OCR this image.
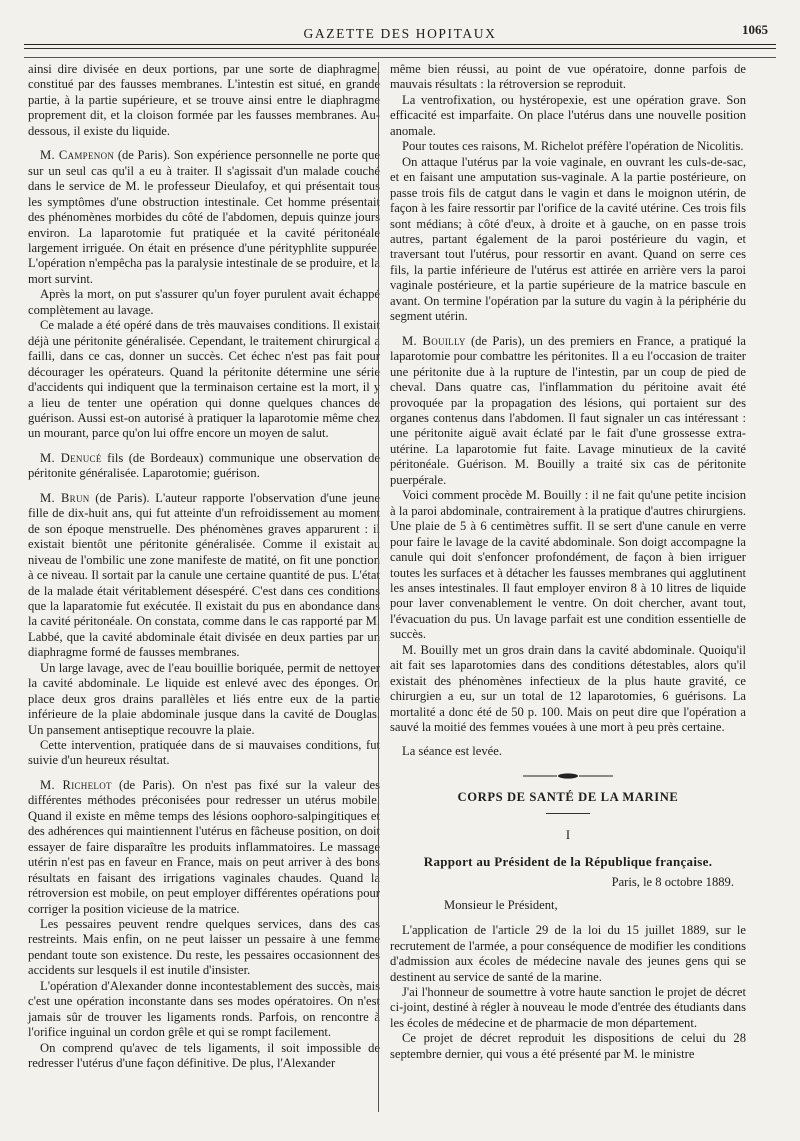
GAZETTE DES HOPITAUX	1065

ainsi dire divisée en deux portions, par une sorte de diaphragme, constitué par des fausses membranes. L'intestin est situé, en grande partie, à la partie supérieure, et se trouve ainsi entre le diaphragme proprement dit, et la cloison formée par les fausses membranes. Au-dessous, il existe du liquide.

M. Campenon (de Paris). Son expérience personnelle ne porte que sur un seul cas qu'il a eu à traiter. Il s'agissait d'un malade couché dans le service de M. le professeur Dieulafoy, et qui présentait tous les symptômes d'une obstruction intestinale. Cet homme présentait des phénomènes morbides du côté de l'abdomen, depuis quinze jours environ. La laparotomie fut pratiquée et la cavité péritonéale largement irriguée. On était en présence d'une pérityphlite suppurée. L'opération n'empêcha pas la paralysie intestinale de se produire, et la mort survint.

Après la mort, on put s'assurer qu'un foyer purulent avait échappé complètement au lavage.

Ce malade a été opéré dans de très mauvaises conditions. Il existait déjà une péritonite généralisée. Cependant, le traitement chirurgical a failli, dans ce cas, donner un succès. Cet échec n'est pas fait pour décourager les opérateurs. Quand la péritonite détermine une série d'accidents qui indiquent que la terminaison certaine est la mort, il y a lieu de tenter une opération qui donne quelques chances de guérison. Aussi est-on autorisé à pratiquer la laparotomie même chez un mourant, parce qu'on lui offre encore un moyen de salut.

M. Denucé fils (de Bordeaux) communique une observation de péritonite généralisée. Laparotomie; guérison.

M. Brun (de Paris). L'auteur rapporte l'observation d'une jeune fille de dix-huit ans, qui fut atteinte d'un refroidissement au moment de son époque menstruelle. Des phénomènes graves apparurent : il existait bientôt une péritonite généralisée. Comme il existait au niveau de l'ombilic une zone manifeste de matité, on fit une ponction à ce niveau. Il sortait par la canule une certaine quantité de pus. L'état de la malade était véritablement désespéré. C'est dans ces conditions que la laparatomie fut exécutée. Il existait du pus en abondance dans la cavité péritonéale. On constata, comme dans le cas rapporté par M. Labbé, que la cavité abdominale était divisée en deux parties par un diaphragme formé de fausses membranes.

Un large lavage, avec de l'eau bouillie boriquée, permit de nettoyer la cavité abdominale. Le liquide est enlevé avec des éponges. On place deux gros drains parallèles et liés entre eux de la partie inférieure de la plaie abdominale jusque dans la cavité de Douglas. Un pansement antiseptique recouvre la plaie.

Cette intervention, pratiquée dans de si mauvaises conditions, fut suivie d'un heureux résultat.

M. Richelot (de Paris). On n'est pas fixé sur la valeur des différentes méthodes préconisées pour redresser un utérus mobile. Quand il existe en même temps des lésions oophoro-salpingitiques et des adhérences qui maintiennent l'utérus en fâcheuse position, on doit essayer de faire disparaître les produits inflammatoires. Le massage utérin n'est pas en faveur en France, mais on peut arriver à des bons résultats en faisant des irrigations vaginales chaudes. Quand la rétroversion est mobile, on peut employer différentes opérations pour corriger la position vicieuse de la matrice.

Les pessaires peuvent rendre quelques services, dans des cas restreints. Mais enfin, on ne peut laisser un pessaire à une femme pendant toute son existence. Du reste, les pessaires occasionnent des accidents sur lesquels il est inutile d'insister.

L'opération d'Alexander donne incontestablement des succès, mais c'est une opération inconstante dans ses modes opératoires. On n'est jamais sûr de trouver les ligaments ronds. Parfois, on rencontre à l'orifice inguinal un cordon grêle et qui se rompt facilement.

On comprend qu'avec de tels ligaments, il soit impossible de redresser l'utérus d'une façon définitive. De plus, l'Alexander

même bien réussi, au point de vue opératoire, donne parfois de mauvais résultats : la rétroversion se reproduit.

La ventrofixation, ou hystéropexie, est une opération grave. Son efficacité est imparfaite. On place l'utérus dans une nouvelle position anomale.

Pour toutes ces raisons, M. Richelot préfère l'opération de Nicolitis.

On attaque l'utérus par la voie vaginale, en ouvrant les culs-de-sac, et en faisant une amputation sus-vaginale. A la partie postérieure, on passe trois fils de catgut dans le vagin et dans le moignon utérin, de façon à les faire ressortir par l'orifice de la cavité utérine. Ces trois fils sont médians; à côté d'eux, à droite et à gauche, on en passe trois autres, partant également de la paroi postérieure du vagin, et traversant tout l'utérus, pour ressortir en avant. Quand on serre ces fils, la partie inférieure de l'utérus est attirée en arrière vers la paroi vaginale postérieure, et la partie supérieure de la matrice bascule en avant. On termine l'opération par la suture du vagin à la périphérie du segment utérin.

M. Bouilly (de Paris), un des premiers en France, a pratiqué la laparotomie pour combattre les péritonites. Il a eu l'occasion de traiter une péritonite due à la rupture de l'intestin, par un coup de pied de cheval. Dans quatre cas, l'inflammation du péritoine avait été provoquée par la propagation des lésions, qui portaient sur des organes contenus dans l'abdomen. Il faut signaler un cas intéressant : une péritonite aiguë avait éclaté par le fait d'une grossesse extra-utérine. La laparotomie fut faite. Lavage minutieux de la cavité péritonéale. Guérison. M. Bouilly a traité six cas de péritonite puerpérale.

Voici comment procède M. Bouilly : il ne fait qu'une petite incision à la paroi abdominale, contrairement à la pratique d'autres chirurgiens. Une plaie de 5 à 6 centimètres suffit. Il se sert d'une canule en verre pour faire le lavage de la cavité abdominale. Son doigt accompagne la canule qui doit s'enfoncer profondément, de façon à bien irriguer toutes les surfaces et à détacher les fausses membranes qui agglutinent les anses intestinales. Il faut employer environ 8 à 10 litres de liquide pour laver convenablement le ventre. On doit chercher, avant tout, l'évacuation du pus. Un lavage parfait est une condition essentielle de succès.

M. Bouilly met un gros drain dans la cavité abdominale. Quoiqu'il ait fait ses laparotomies dans des conditions détestables, alors qu'il existait des phénomènes infectieux de la plus haute gravité, ce chirurgien a eu, sur un total de 12 laparotomies, 6 guérisons. La mortalité a donc été de 50 p. 100. Mais on peut dire que l'opération a sauvé la moitié des femmes vouées à une mort à peu près certaine.

La séance est levée.

CORPS DE SANTÉ DE LA MARINE
I
Rapport au Président de la République française.
Paris, le 8 octobre 1889.

Monsieur le Président,

L'application de l'article 29 de la loi du 15 juillet 1889, sur le recrutement de l'armée, a pour conséquence de modifier les conditions d'admission aux écoles de médecine navale des jeunes gens qui se destinent au service de santé de la marine.

J'ai l'honneur de soumettre à votre haute sanction le projet de décret ci-joint, destiné à régler à nouveau le mode d'entrée des étudiants dans les écoles de médecine et de pharmacie de mon département.

Ce projet de décret reproduit les dispositions de celui du 28 septembre dernier, qui vous a été présenté par M. le ministre
